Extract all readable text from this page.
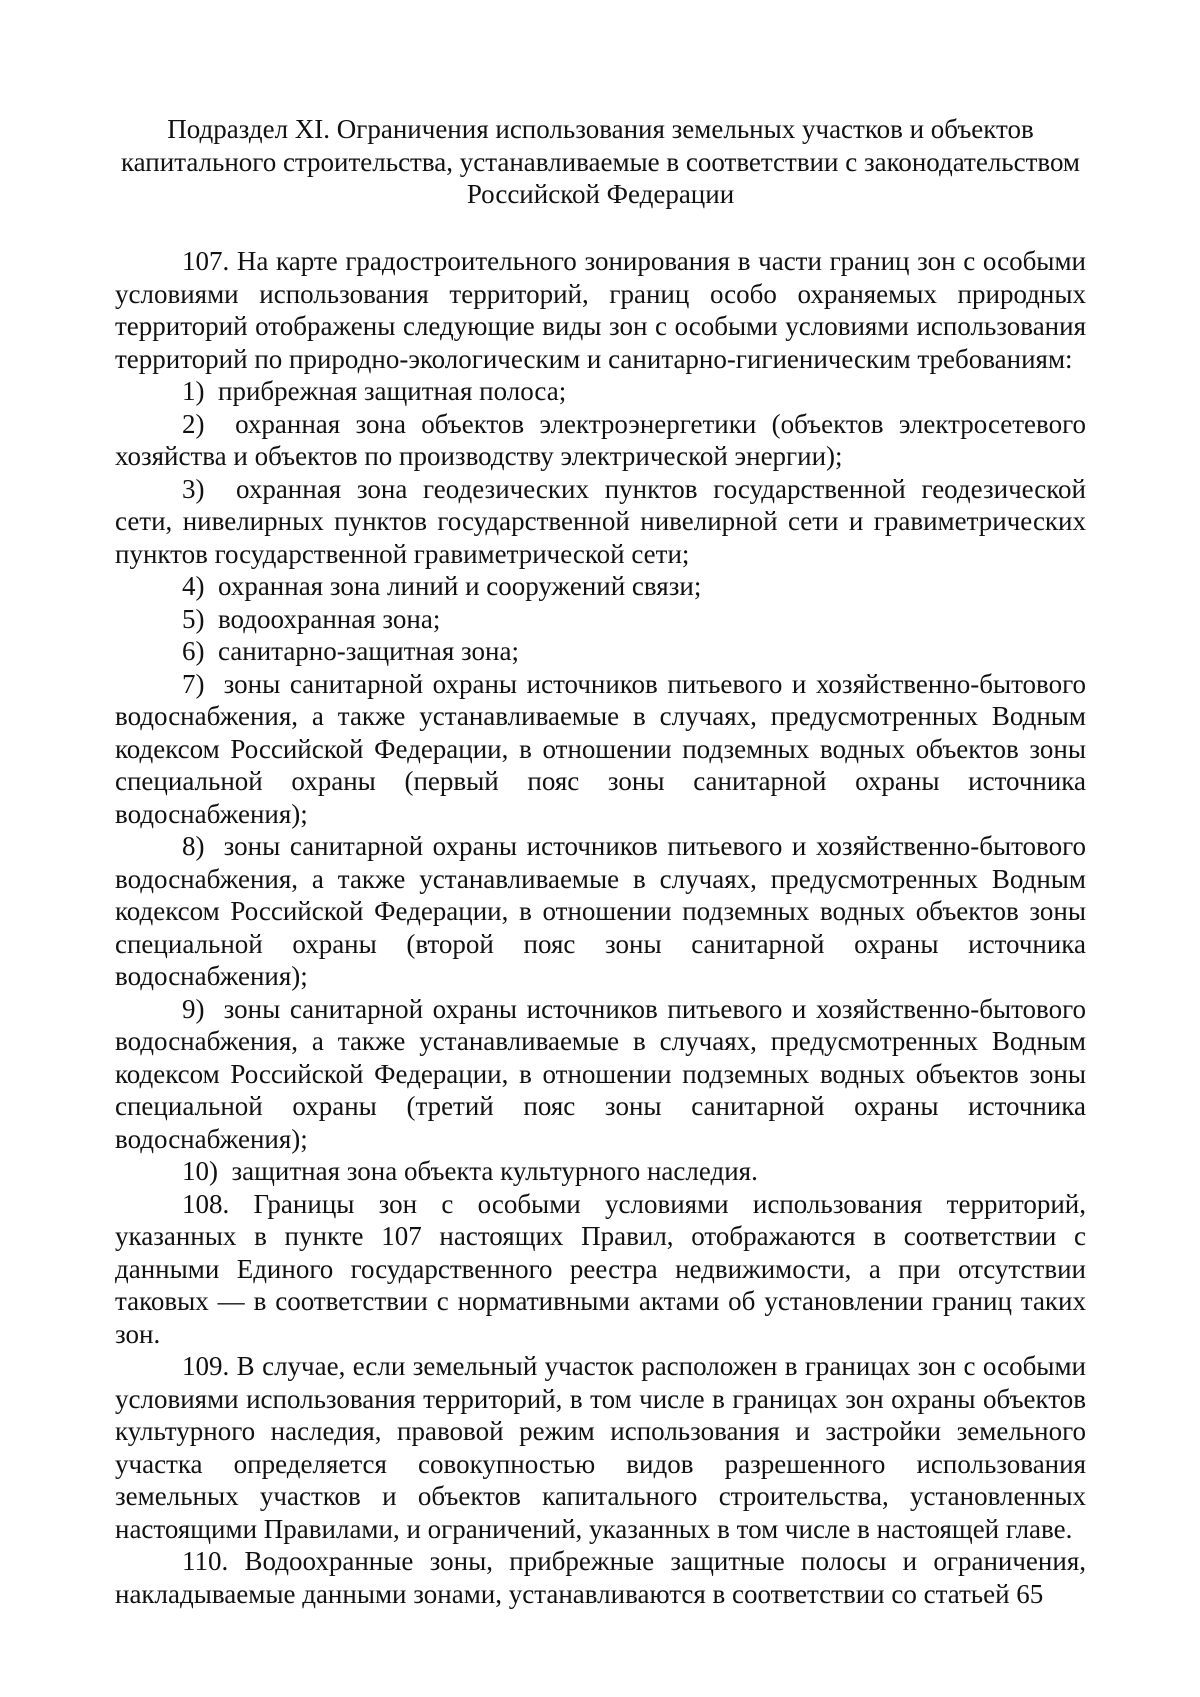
Подраздел XI. Ограничения использования земельных участков и объектов
капитального строительства, устанавливаемые в соответствии с законодательством
Российской Федерации

107. На карте градостроительного зонирования в части границ зон с особыми условиями использования территорий, границ особо охраняемых природных территорий отображены следующие виды зон с особыми условиями использования территорий по природно-экологическим и санитарно-гигиеническим требованиям:

1)  прибрежная защитная полоса;

2)  охранная зона объектов электроэнергетики (объектов электросетевого хозяйства и объектов по производству электрической энергии);

3)  охранная зона геодезических пунктов государственной геодезической сети, нивелирных пунктов государственной нивелирной сети и гравиметрических пунктов государственной гравиметрической сети;

4)  охранная зона линий и сооружений связи;

5)  водоохранная зона;

6)  санитарно-защитная зона;

7)  зоны санитарной охраны источников питьевого и хозяйственно-бытового водоснабжения, а также устанавливаемые в случаях, предусмотренных Водным кодексом Российской Федерации, в отношении подземных водных объектов зоны специальной охраны (первый пояс зоны санитарной охраны источника водоснабжения);

8)  зоны санитарной охраны источников питьевого и хозяйственно-бытового водоснабжения, а также устанавливаемые в случаях, предусмотренных Водным кодексом Российской Федерации, в отношении подземных водных объектов зоны специальной охраны (второй пояс зоны санитарной охраны источника водоснабжения);

9)  зоны санитарной охраны источников питьевого и хозяйственно-бытового водоснабжения, а также устанавливаемые в случаях, предусмотренных Водным кодексом Российской Федерации, в отношении подземных водных объектов зоны специальной охраны (третий пояс зоны санитарной охраны источника водоснабжения);

10)  защитная зона объекта культурного наследия.

108. Границы зон с особыми условиями использования территорий, указанных в пункте 107 настоящих Правил, отображаются в соответствии с данными Единого государственного реестра недвижимости, а при отсутствии таковых — в соответствии с нормативными актами об установлении границ таких зон.

109. В случае, если земельный участок расположен в границах зон с особыми условиями использования территорий, в том числе в границах зон охраны объектов культурного наследия, правовой режим использования и застройки земельного участка определяется совокупностью видов разрешенного использования земельных участков и объектов капитального строительства, установленных настоящими Правилами, и ограничений, указанных в том числе в настоящей главе.

110. Водоохранные зоны, прибрежные защитные полосы и ограничения, накладываемые данными зонами, устанавливаются в соответствии со статьей 65
